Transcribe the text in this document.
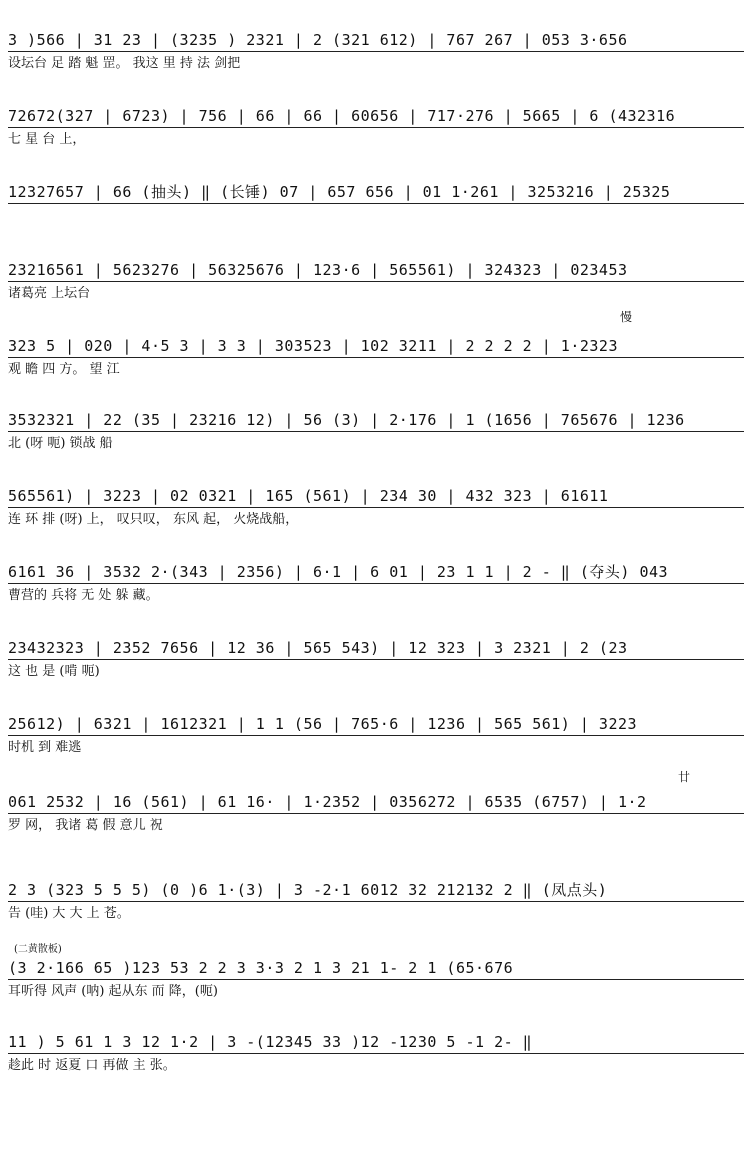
3 )566 | 31 23 | (3235 ) 2321 | 2 (321 612) | 767 267 | 053 3·656
设坛台 足 踏 魁 罡。 我这 里 持 法 剑把
72672(327 | 6723) | 756 | 66 | 66 | 60656 | 717·276 | 5665 | 6 (432316
七 星 台 上，
12327657 | 66 (抽头) ‖ (长锤) 07 | 657 656 | 01 1·261 | 3253216 | 25325
23216561 | 5623276 | 56325676 | 123·6 | 565561) | 324323 | 023453
诸葛亮 上坛台
慢
323 5 | 020 | 4·5 3 | 3 3 | 303523 | 102 3211 | 2 2 2 2 | 1·2323
观 瞻 四 方。 望 江
3532321 | 22 (35 | 23216 12) | 56 (3) | 2·176 | 1 (1656 | 765676 | 1236
北 (呀 呃) 锁战 船
565561) | 3223 | 02 0321 | 165 (561) | 234 30 | 432 323 | 61611
连 环 排 (呀) 上， 叹只叹， 东风 起， 火烧战船，
6161 36 | 3532 2·(343 | 2356) | 6·1 | 6 01 | 23 1 1 | 2 - ‖ (夺头) 043
曹营的 兵将 无 处 躲 藏。
23432323 | 2352 7656 | 12 36 | 565 543) | 12 323 | 3 2321 | 2 (23
这 也 是 (啃 呃)
25612) | 6321 | 1612321 | 1 1 (56 | 765·6 | 1236 | 565 561) | 3223
时机 到 难逃
廿
061 2532 | 16 (561) | 61 16· | 1·2352 | 0356272 | 6535 (6757) | 1·2
罗 网， 我诸 葛 假 意儿 祝
2 3 (323 5 5 5) (0 )6 1·(3) | 3 -2·1 6012 32 212132 2 ‖ (凤点头)
告 (哇) 大 大 上 苍。
(二黄散板)
(3 2·166 65 )123 53 2 2 3 3·3 2 1 3 21 1- 2 1 (65·676
耳听得 风声 (呐) 起从东 而 降，(呃)
11 ) 5 61 1 3 12 1·2 | 3 -(12345 33 )12 -1230 5 -1 2- ‖
趁此 时 返夏 口 再做 主 张。
